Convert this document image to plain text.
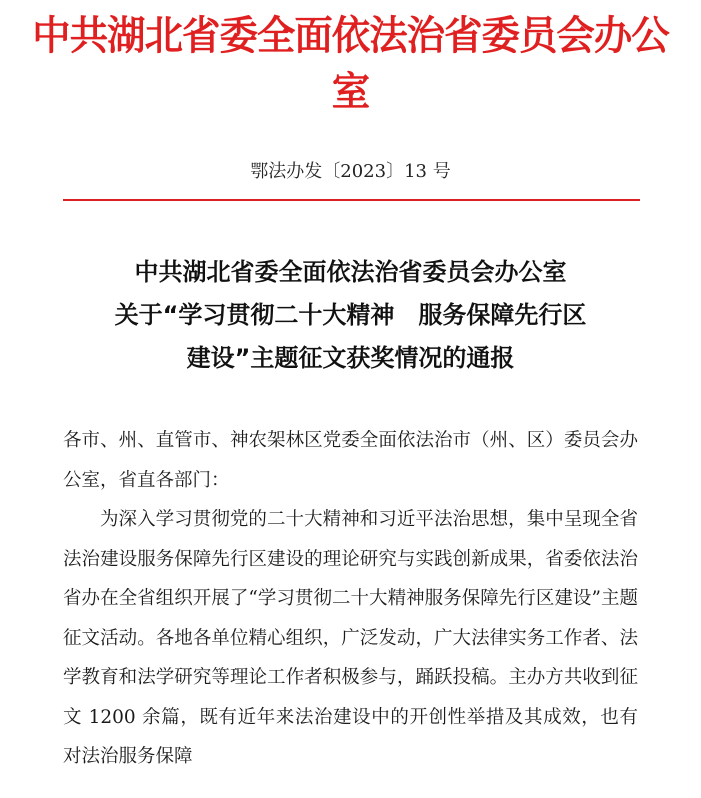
中共湖北省委全面依法治省委员会办公室
鄂法办发〔2023〕13 号
中共湖北省委全面依法治省委员会办公室
关于“学习贯彻二十大精神　服务保障先行区
建设”主题征文获奖情况的通报

各市、州、直管市、神农架林区党委全面依法治市（州、区）委员会办公室，省直各部门：

为深入学习贯彻党的二十大精神和习近平法治思想，集中呈现全省法治建设服务保障先行区建设的理论研究与实践创新成果，省委依法治省办在全省组织开展了“学习贯彻二十大精神服务保障先行区建设”主题征文活动。各地各单位精心组织，广泛发动，广大法律实务工作者、法学教育和法学研究等理论工作者积极参与，踊跃投稿。主办方共收到征文 1200 余篇，既有近年来法治建设中的开创性举措及其成效，也有对法治服务保障
